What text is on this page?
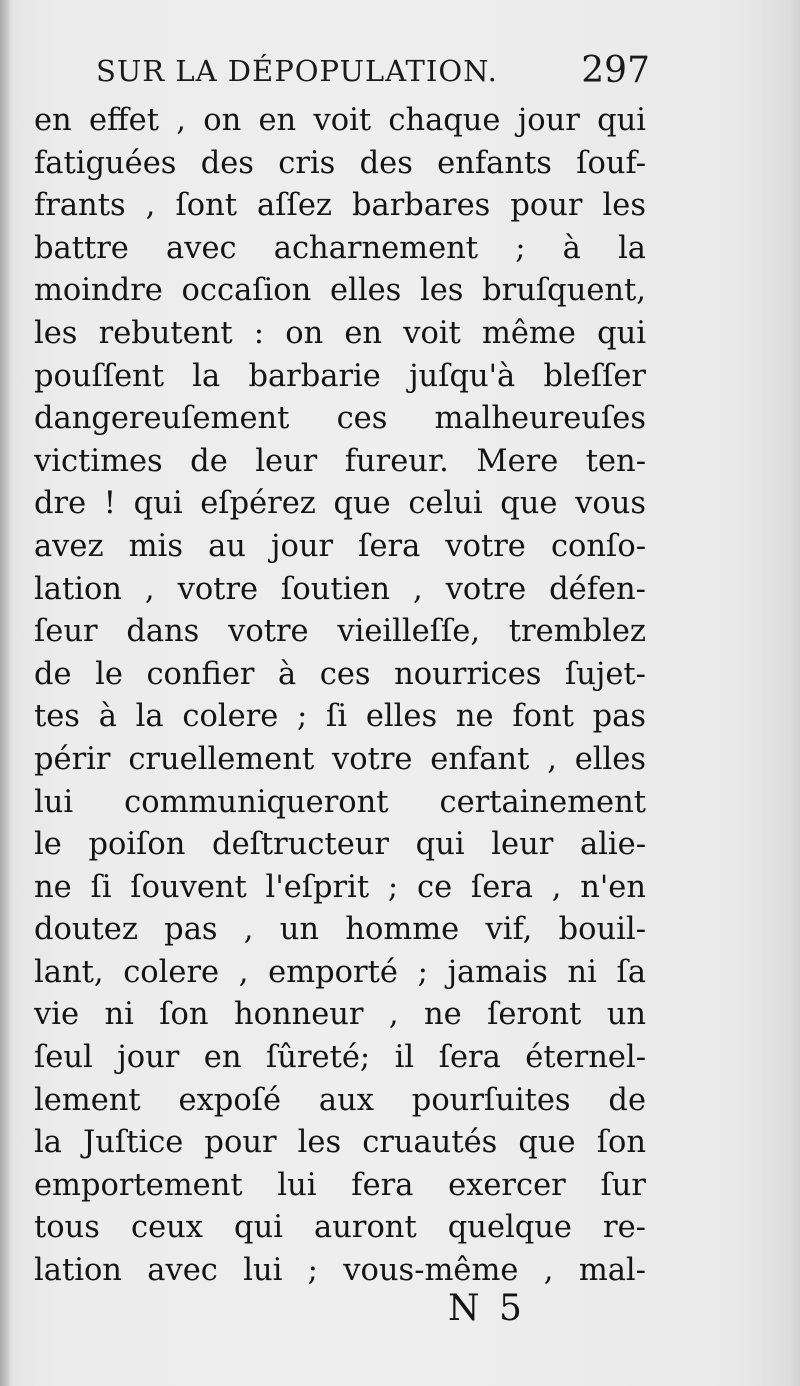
SUR LA DÉPOPULATION. 297
en effet , on en voit chaque jour qui
fatiguées des cris des enfants ſouf-
frants , ſont aſſez barbares pour les
battre avec acharnement ; à la
moindre occaſion elles les bruſquent,
les rebutent : on en voit même qui
pouſſent la barbarie juſqu'à bleſſer
dangereuſement ces malheureuſes
victimes de leur fureur. Mere ten-
dre ! qui eſpérez que celui que vous
avez mis au jour ſera votre conſo-
lation , votre ſoutien , votre défen-
ſeur dans votre vieilleſſe, tremblez
de le confier à ces nourrices ſujet-
tes à la colere ; ſi elles ne font pas
périr cruellement votre enfant , elles
lui communiqueront certainement
le poiſon deſtructeur qui leur alie-
ne ſi ſouvent l'eſprit ; ce ſera , n'en
doutez pas , un homme vif, bouil-
lant, colere , emporté ; jamais ni ſa
vie ni ſon honneur , ne ſeront un
ſeul jour en ſûreté; il ſera éternel-
lement expoſé aux pourſuites de
la Juſtice pour les cruautés que ſon
emportement lui fera exercer ſur
tous ceux qui auront quelque re-
lation avec lui ; vous-même , mal-
N 5
